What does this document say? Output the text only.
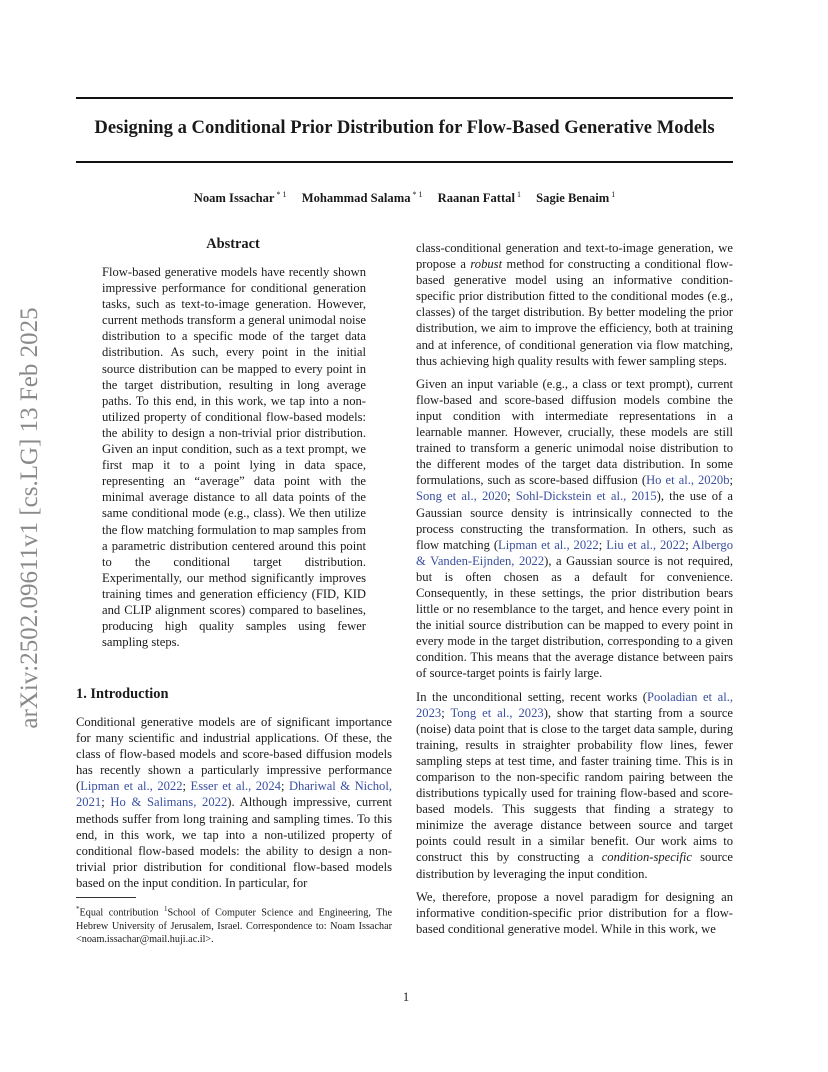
arXiv:2502.09611v1 [cs.LG] 13 Feb 2025
Designing a Conditional Prior Distribution for Flow-Based Generative Models
Noam Issachar $^{* 1}$ Mohammad Salama $^{* 1}$ Raanan Fattal $^1$ Sagie Benaim $^1$
Abstract

Flow-based generative models have recently shown impressive performance for conditional generation tasks, such as text-to-image generation. However, current methods transform a general unimodal noise distribution to a specific mode of the target data distribution. As such, every point in the initial source distribution can be mapped to every point in the target distribution, resulting in long average paths. To this end, in this work, we tap into a non-utilized property of conditional flow-based models: the ability to design a non-trivial prior distribution. Given an input condition, such as a text prompt, we first map it to a point lying in data space, representing an “average” data point with the minimal average distance to all data points of the same conditional mode (e.g., class). We then utilize the flow matching formulation to map samples from a parametric distribution centered around this point to the conditional target distribution. Experimentally, our method significantly improves training times and generation efficiency (FID, KID and CLIP alignment scores) compared to baselines, producing high quality samples using fewer sampling steps.

1. Introduction

Conditional generative models are of significant importance for many scientific and industrial applications. Of these, the class of flow-based models and score-based diffusion models has recently shown a particularly impressive performance (Lipman et al., 2022; Esser et al., 2024; Dhariwal & Nichol, 2021; Ho & Salimans, 2022). Although impressive, current methods suffer from long training and sampling times. To this end, in this work, we tap into a non-utilized property of conditional flow-based models: the ability to design a non-trivial prior distribution for conditional flow-based models based on the input condition. In particular, for

*Equal contribution $^1$School of Computer Science and Engineering, The Hebrew University of Jerusalem, Israel. Correspondence to: Noam Issachar <noam.issachar@mail.huji.ac.il>.

class-conditional generation and text-to-image generation, we propose a robust method for constructing a conditional flow-based generative model using an informative condition-specific prior distribution fitted to the conditional modes (e.g., classes) of the target distribution. By better modeling the prior distribution, we aim to improve the efficiency, both at training and at inference, of conditional generation via flow matching, thus achieving high quality results with fewer sampling steps.

Given an input variable (e.g., a class or text prompt), current flow-based and score-based diffusion models combine the input condition with intermediate representations in a learnable manner. However, crucially, these models are still trained to transform a generic unimodal noise distribution to the different modes of the target data distribution. In some formulations, such as score-based diffusion (Ho et al., 2020b; Song et al., 2020; Sohl-Dickstein et al., 2015), the use of a Gaussian source density is intrinsically connected to the process constructing the transformation. In others, such as flow matching (Lipman et al., 2022; Liu et al., 2022; Albergo & Vanden-Eijnden, 2022), a Gaussian source is not required, but is often chosen as a default for convenience. Consequently, in these settings, the prior distribution bears little or no resemblance to the target, and hence every point in the initial source distribution can be mapped to every point in every mode in the target distribution, corresponding to a given condition. This means that the average distance between pairs of source-target points is fairly large.

In the unconditional setting, recent works (Pooladian et al., 2023; Tong et al., 2023), show that starting from a source (noise) data point that is close to the target data sample, during training, results in straighter probability flow lines, fewer sampling steps at test time, and faster training time. This is in comparison to the non-specific random pairing between the distributions typically used for training flow-based and score-based models. This suggests that finding a strategy to minimize the average distance between source and target points could result in a similar benefit. Our work aims to construct this by constructing a condition-specific source distribution by leveraging the input condition.

We, therefore, propose a novel paradigm for designing an informative condition-specific prior distribution for a flow-based conditional generative model. While in this work, we

1
